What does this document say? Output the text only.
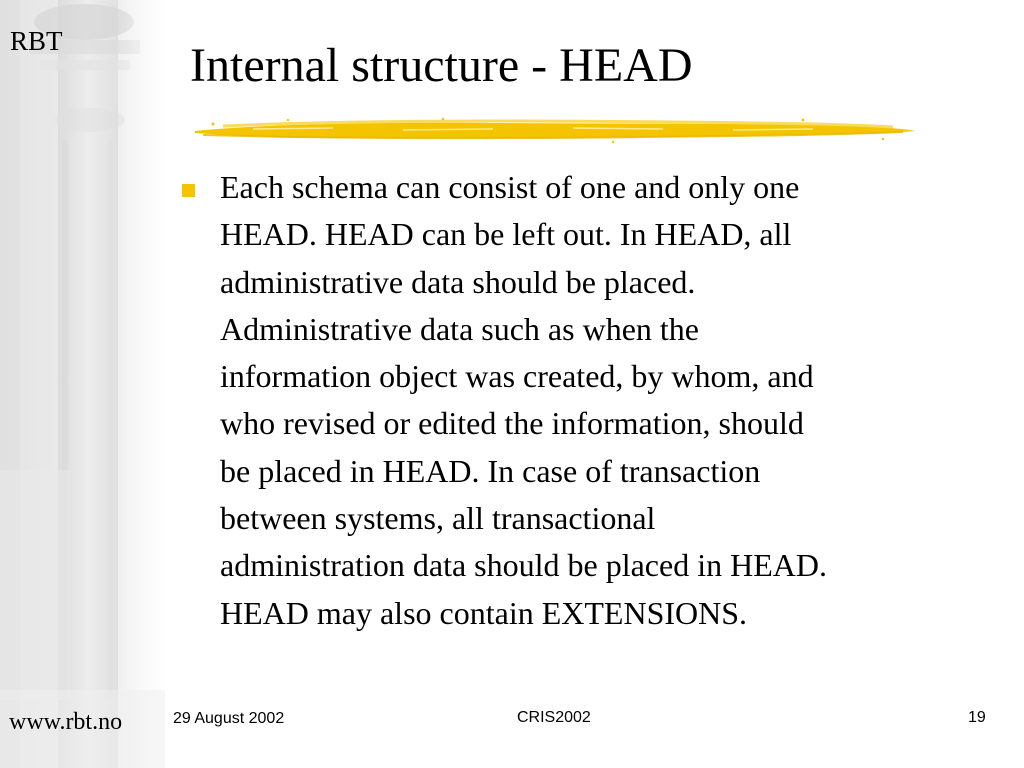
RBT	Internal structure - HEAD
Each schema can consist of one and only one
HEAD. HEAD can be left out. In HEAD, all
administrative data should be placed.
Administrative data such as when the
information object was created, by whom, and
who revised or edited the information, should
be placed in HEAD. In case of transaction
between systems, all transactional
administration data should be placed in HEAD.
HEAD may also contain EXTENSIONS.
www.rbt.no	29 August 2002	CRIS2002	19
